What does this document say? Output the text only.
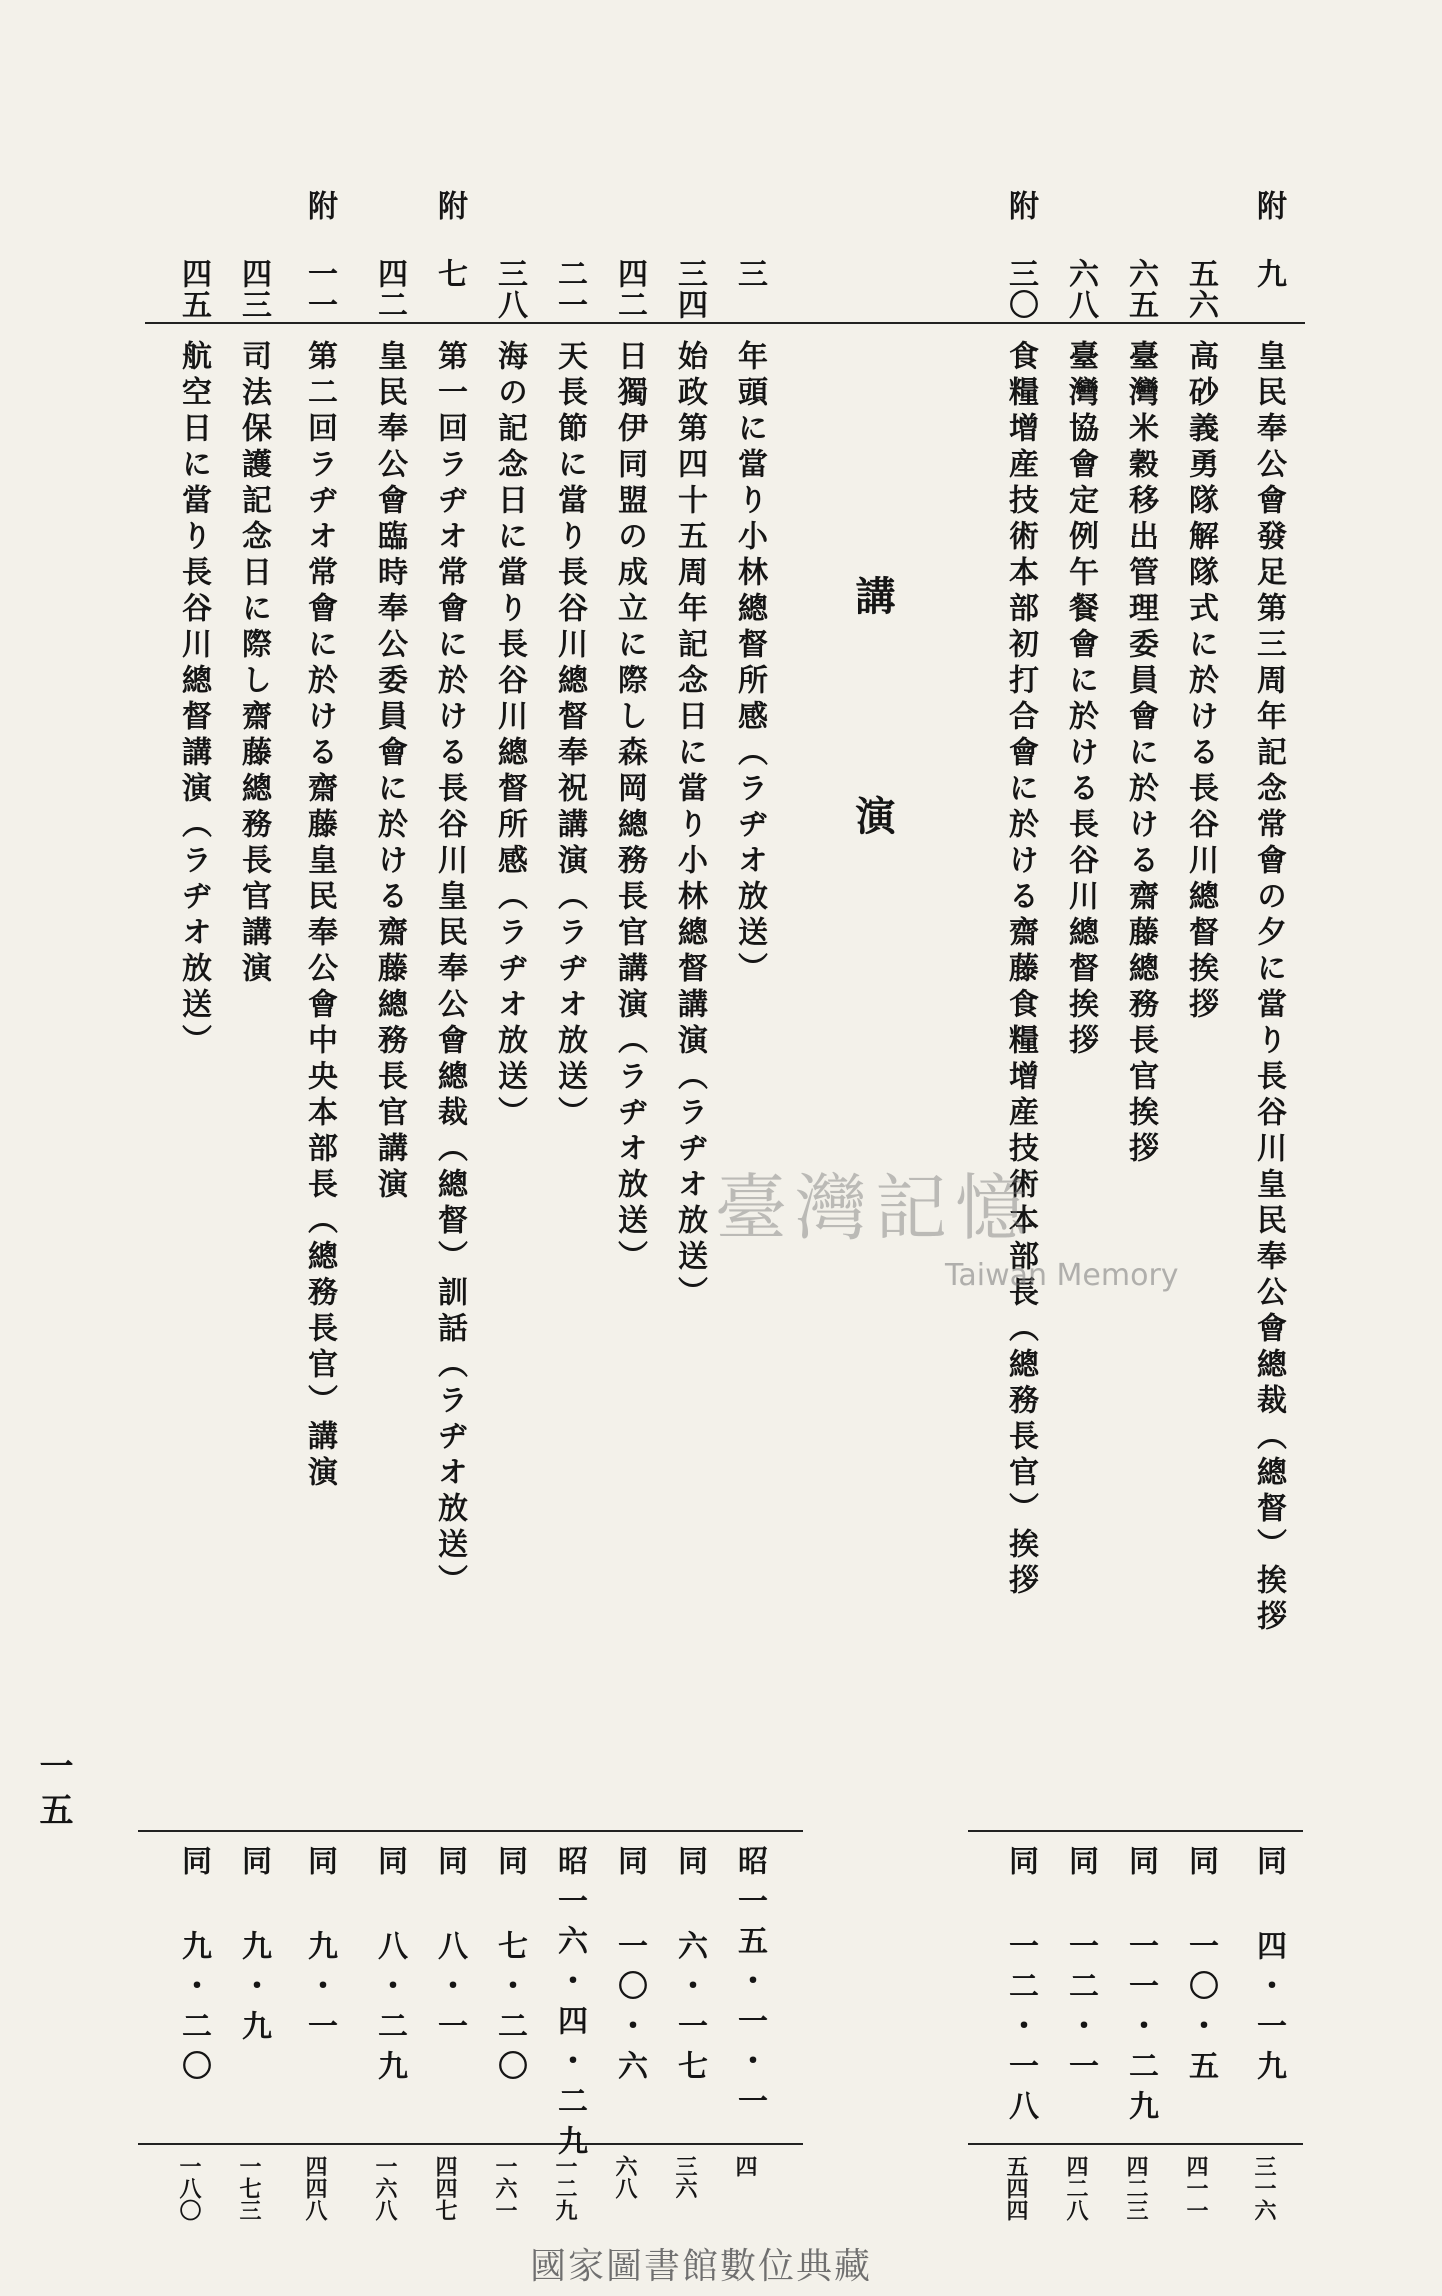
講演
一五
附
九
皇民奉公會發足第三周年記念常會の夕に當り長谷川皇民奉公會總裁（總督）挨拶
同 四・一九
三一六
五六
高砂義勇隊解隊式に於ける長谷川總督挨拶
同 一〇・五
四一一
六五
臺灣米穀移出管理委員會に於ける齋藤總務長官挨拶
同 一一・二九
四二三
六八
臺灣協會定例午餐會に於ける長谷川總督挨拶
同 一二・一
四二八
附
三〇
食糧增産技術本部初打合會に於ける齋藤食糧增産技術本部長（總務長官）挨拶
同 一二・一八
五四四
三
年頭に當り小林總督所感（ラヂオ放送）
昭一五・一・一
四
三四
始政第四十五周年記念日に當り小林總督講演（ラヂオ放送）
同 六・一七
三六
四二
日獨伊同盟の成立に際し森岡總務長官講演（ラヂオ放送）
同 一〇・六
六八
二一
天長節に當り長谷川總督奉祝講演（ラヂオ放送）
昭一六・四・二九
一二九
三八
海の記念日に當り長谷川總督所感（ラヂオ放送）
同 七・二〇
一六一
附
七
第一回ラヂオ常會に於ける長谷川皇民奉公會總裁（總督）訓話（ラヂオ放送）
同 八・一
四四七
四二
皇民奉公會臨時奉公委員會に於ける齋藤總務長官講演
同 八・二九
一六八
附
一一
第二回ラヂオ常會に於ける齋藤皇民奉公會中央本部長（總務長官）講演
同 九・一
四四八
四三
司法保護記念日に際し齋藤總務長官講演
同 九・九
一七三
四五
航空日に當り長谷川總督講演（ラヂオ放送）
同 九・二〇
一八〇
臺灣記憶
Taiwan Memory
國家圖書館數位典藏
